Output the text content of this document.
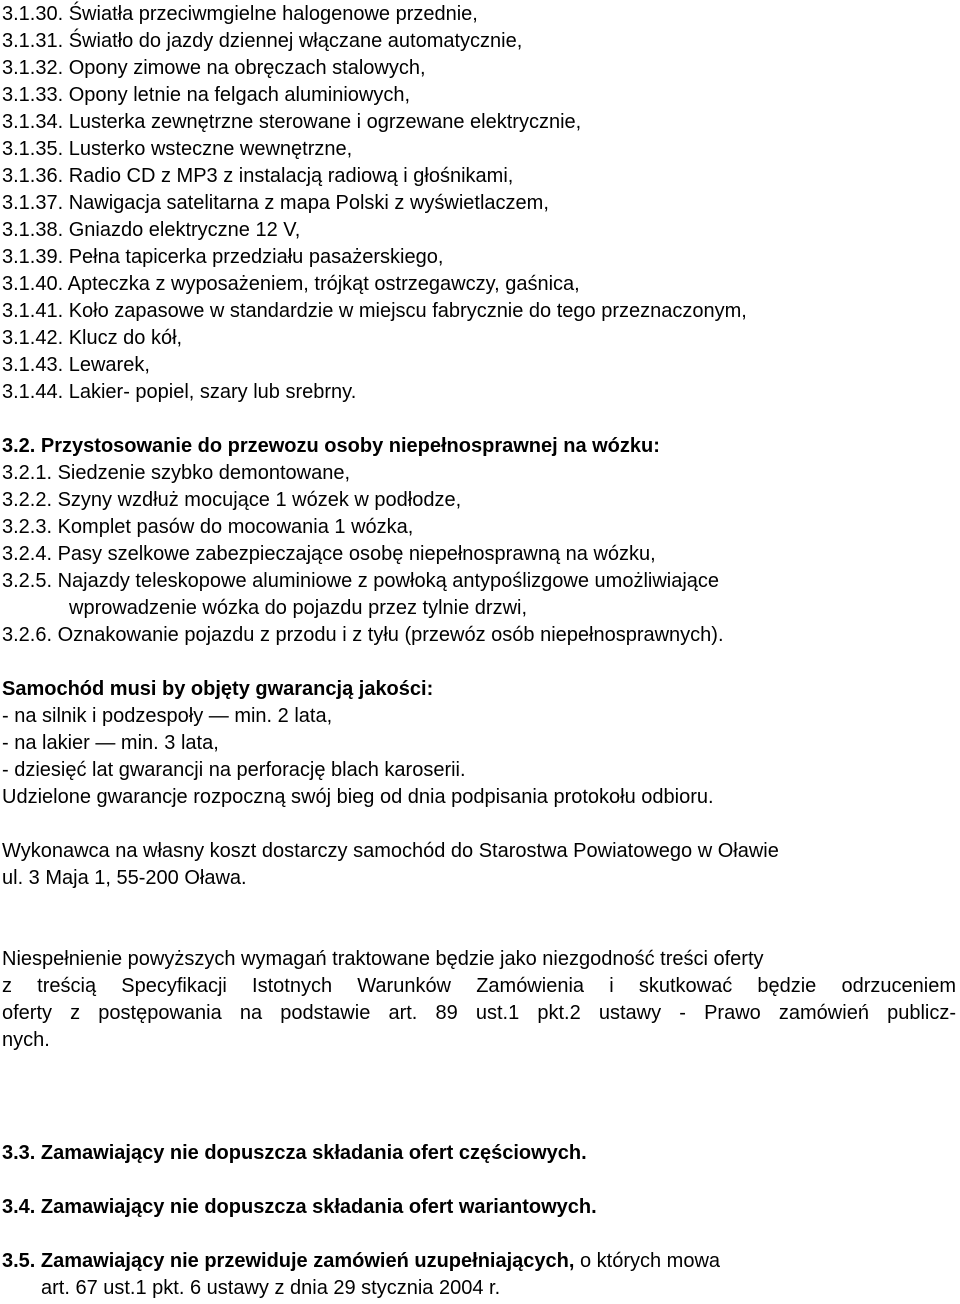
3.1.30. Światła przeciwmgielne halogenowe przednie,
3.1.31. Światło do jazdy dziennej włączane automatycznie,
3.1.32. Opony zimowe na obręczach stalowych,
3.1.33. Opony letnie na felgach aluminiowych,
3.1.34. Lusterka zewnętrzne sterowane i ogrzewane elektrycznie,
3.1.35. Lusterko wsteczne wewnętrzne,
3.1.36. Radio CD z MP3 z instalacją radiową i głośnikami,
3.1.37. Nawigacja satelitarna z mapa Polski z wyświetlaczem,
3.1.38. Gniazdo elektryczne 12 V,
3.1.39. Pełna tapicerka przedziału pasażerskiego,
3.1.40. Apteczka z wyposażeniem, trójkąt ostrzegawczy, gaśnica,
3.1.41. Koło zapasowe w standardzie w miejscu fabrycznie do tego przeznaczonym,
3.1.42. Klucz do kół,
3.1.43. Lewarek,
3.1.44. Lakier- popiel, szary lub srebrny.
3.2. Przystosowanie do przewozu osoby niepełnosprawnej na wózku:
3.2.1. Siedzenie szybko demontowane,
3.2.2. Szyny wzdłuż mocujące 1 wózek w podłodze,
3.2.3. Komplet pasów do mocowania 1 wózka,
3.2.4. Pasy szelkowe zabezpieczające osobę niepełnosprawną na wózku,
3.2.5. Najazdy teleskopowe aluminiowe z powłoką antypoślizgowe umożliwiające
wprowadzenie wózka do pojazdu przez tylnie drzwi,
3.2.6. Oznakowanie pojazdu z przodu i z tyłu (przewóz osób niepełnosprawnych).
Samochód musi by objęty gwarancją jakości:
- na silnik i podzespoły — min. 2 lata,
- na lakier — min. 3 lata,
- dziesięć lat gwarancji na perforację blach karoserii.
Udzielone gwarancje rozpoczną swój bieg od dnia podpisania protokołu odbioru.
Wykonawca na własny koszt dostarczy samochód do Starostwa Powiatowego w Oławie
ul. 3 Maja 1, 55-200 Oława.
Niespełnienie powyższych wymagań traktowane będzie jako niezgodność treści oferty
z treścią Specyfikacji Istotnych Warunków Zamówienia i skutkować będzie odrzuceniem
oferty z postępowania na podstawie art. 89 ust.1 pkt.2 ustawy - Prawo zamówień publicz-
nych.
3.3. Zamawiający nie dopuszcza składania ofert częściowych.
3.4. Zamawiający nie dopuszcza składania ofert wariantowych.
3.5. Zamawiający nie przewiduje zamówień uzupełniających, o których mowa
art. 67 ust.1 pkt. 6 ustawy z dnia 29 stycznia 2004 r.
